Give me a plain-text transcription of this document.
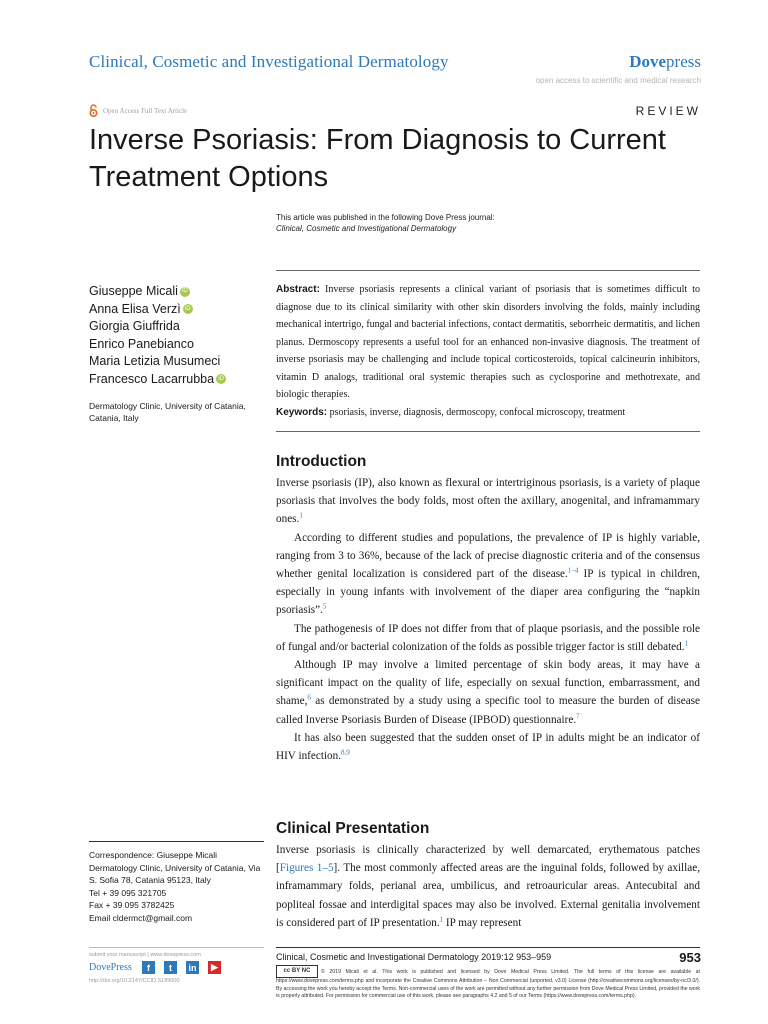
Clinical, Cosmetic and Investigational Dermatology	Dovepress
open access to scientific and medical research
Open Access Full Text Article	REVIEW
Inverse Psoriasis: From Diagnosis to Current Treatment Options
This article was published in the following Dove Press journal:
Clinical, Cosmetic and Investigational Dermatology
Giuseppe Micali iD
Anna Elisa Verzì iD
Giorgia Giuffrida
Enrico Panebianco
Maria Letizia Musumeci
Francesco Lacarrubba iD
Dermatology Clinic, University of Catania, Catania, Italy
Abstract: Inverse psoriasis represents a clinical variant of psoriasis that is sometimes difficult to diagnose due to its clinical similarity with other skin disorders involving the folds, mainly including mechanical intertrigo, fungal and bacterial infections, contact dermatitis, seborrheic dermatitis, and lichen planus. Dermoscopy represents a useful tool for an enhanced non-invasive diagnosis. The treatment of inverse psoriasis may be challenging and include topical corticosteroids, topical calcineurin inhibitors, vitamin D analogs, traditional oral systemic therapies such as cyclosporine and methotrexate, and biologic therapies.
Keywords: psoriasis, inverse, diagnosis, dermoscopy, confocal microscopy, treatment
Introduction

Inverse psoriasis (IP), also known as flexural or intertriginous psoriasis, is a variety of plaque psoriasis that involves the body folds, most often the axillary, anogenital, and inframammary ones.$^1$

According to different studies and populations, the prevalence of IP is highly variable, ranging from 3 to 36%, because of the lack of precise diagnostic criteria and of the consensus whether genital localization is considered part of the disease.$^{1-4}$ IP is typical in children, especially in young infants with involvement of the diaper area configuring the “napkin psoriasis”.$^5$

The pathogenesis of IP does not differ from that of plaque psoriasis, and the possible role of fungal and/or bacterial colonization of the folds as possible trigger factor is still debated.$^1$

Although IP may involve a limited percentage of skin body areas, it may have a significant impact on the quality of life, especially on sexual function, embarrassment, and shame,$^6$ as demonstrated by a study using a specific tool to measure the burden of disease called Inverse Psoriasis Burden of Disease (IPBOD) questionnaire.$^7$

It has also been suggested that the sudden onset of IP in adults might be an indicator of HIV infection.$^{8,9}$

Clinical Presentation

Inverse psoriasis is clinically characterized by well demarcated, erythematous patches [Figures 1–5]. The most commonly affected areas are the inguinal folds, followed by axillae, inframammary folds, perianal area, umbilicus, and retroauricular areas. Antecubital and popliteal fossae and interdigital spaces may also be involved. External genitalia involvement is considered part of IP presentation.$^1$ IP may represent

Correspondence: Giuseppe Micali
Dermatology Clinic, University of Catania, Via S. Sofia 78, Catania 95123, Italy
Tel + 39 095 321705
Fax + 39 095 3782425
Email cldermct@gmail.com
submit your manuscript | www.dovepress.com
DovePress	f	t	in	▶
http://doi.org/10.2147/CCID.S189000
Clinical, Cosmetic and Investigational Dermatology 2019:12 953–959	953
cc BY NC © 2019 Micali et al. This work is published and licensed by Dove Medical Press Limited. The full terms of this license are available at https://www.dovepress.com/terms.php and incorporate the Creative Commons Attribution – Non Commercial (unported, v3.0) License (http://creativecommons.org/licenses/by-nc/3.0/). By accessing the work you hereby accept the Terms. Non-commercial uses of the work are permitted without any further permission from Dove Medical Press Limited, provided the work is properly attributed. For permission for commercial use of this work, please see paragraphs 4.2 and 5 of our Terms (https://www.dovepress.com/terms.php).
